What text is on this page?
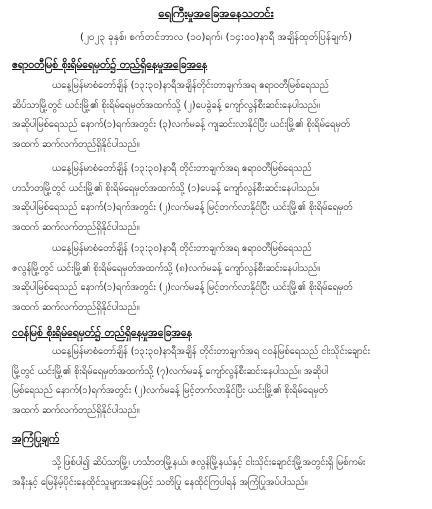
ရေကြီးမှုအခြေအနေသတင်း
(၂၀၂၃ ခုနှစ်၊ စက်တင်ဘာလ (၁၀)ရက်၊ (၁၄:၀၀)နာရီ အချိန်ထုတ်ပြန်ချက်)
ဧရာဝတီမြစ် စိုးရိမ်ရေမှတ်၌ တည်ရှိနေမှုအခြေအနေ
ယနေ့မြန်မာစံတော်ချိန် (၁၃:၃၀)နာရီအချိန်တိုင်းတာချက်အရ ဧရာဝတီမြစ်ရေသည်
ဆိပ်သာမြို့တွင် ယင်းမြို့၏ စိုးရိမ်ရေမှတ်အထက်သို့ (၂)ပေခွဲခန့် ကျော်လွန်စီးဆင်းနေပါသည်။
အဆိုပါမြစ်ရေသည် နောက်(၁)ရက်အတွင်း (၃)လက်မခန့် ကျဆင်းလာနိုင်ပြီး ယင်းမြို့၏ စိုးရိမ်ရေမှတ်
အထက် ဆက်လက်တည်ရှိနိုင်ပါသည်။
ယနေ့မြန်မာစံတော်ချိန် (၁၃:၃၀)နာရီ တိုင်းတာချက်အရ ဧရာဝတီမြစ်ရေသည်
ဟင်္သာတမြို့တွင် ယင်းမြို့၏ စိုးရိမ်ရေမှတ်အထက်သို့ (၁)ပေခန့် ကျော်လွန်စီးဆင်းနေပါသည်။
အဆိုပါမြစ်ရေသည် နောက်(၁)ရက်အတွင်း (၂)လက်မခန့် မြင့်တက်လာနိုင်ပြီး ယင်းမြို့၏ စိုးရိမ်ရေမှတ်
အထက် ဆက်လက်တည်ရှိနိုင်ပါသည်။
ယနေ့မြန်မာစံတော်ချိန် (၁၃:၃၀)နာရီ တိုင်းတာချက်အရ ဧရာဝတီမြစ်ရေသည်
ဇလွန်မြို့တွင် ယင်းမြို့၏ စိုးရိမ်ရေမှတ်အထက်သို့ (၈)လက်မခန့် ကျော်လွန်စီးဆင်းနေပါသည်။
အဆိုပါမြစ်ရေသည် နောက်(၁)ရက်အတွင်း (၂)လက်မခန့် မြင့်တက်လာနိုင်ပြီး ယင်းမြို့၏ စိုးရိမ်ရေမှတ်
အထက် ဆက်လက်တည်ရှိနိုင်ပါသည်။
ငဝန်မြစ် စိုးရိမ်ရေမှတ်၌ တည်ရှိနေမှုအခြေအနေ
ယနေ့မြန်မာစံတော်ချိန် (၁၃:၃၀)နာရီအချိန် တိုင်းတာချက်အရ ငဝန်မြစ်ရေသည် ငါးသိုင်းချောင်း
မြို့တွင် ယင်းမြို့၏ စိုးရိမ်ရေမှတ်အထက်သို့ (၇)လက်မခန့် ကျော်လွန်စီးဆင်းနေပါသည်။ အဆိုပါ
မြစ်ရေသည် နောက်(၁)ရက်အတွင်း (၂)လက်မခန့် မြင့်တက်လာနိုင်ပြီး ယင်းမြို့၏ စိုးရိမ်ရေမှတ်
အထက် ဆက်လက်တည်ရှိနိုင်ပါသည်။
အကြံပြုချက်
သို့ဖြစ်ပါ၍ ဆိပ်သာမြို့၊ ဟင်္သာတမြို့နယ်၊ ဇလွန်မြို့နယ်နှင့် ငါးသိုင်းချောင်းမြို့အတွင်းရှိ မြစ်ကမ်း
အနီးနှင့် မြေနိမ့်ပိုင်းနေထိုင်သူများအနေဖြင့် သတိပြု နေထိုင်ကြပါရန် အကြံပြုအပ်ပါသည်။
